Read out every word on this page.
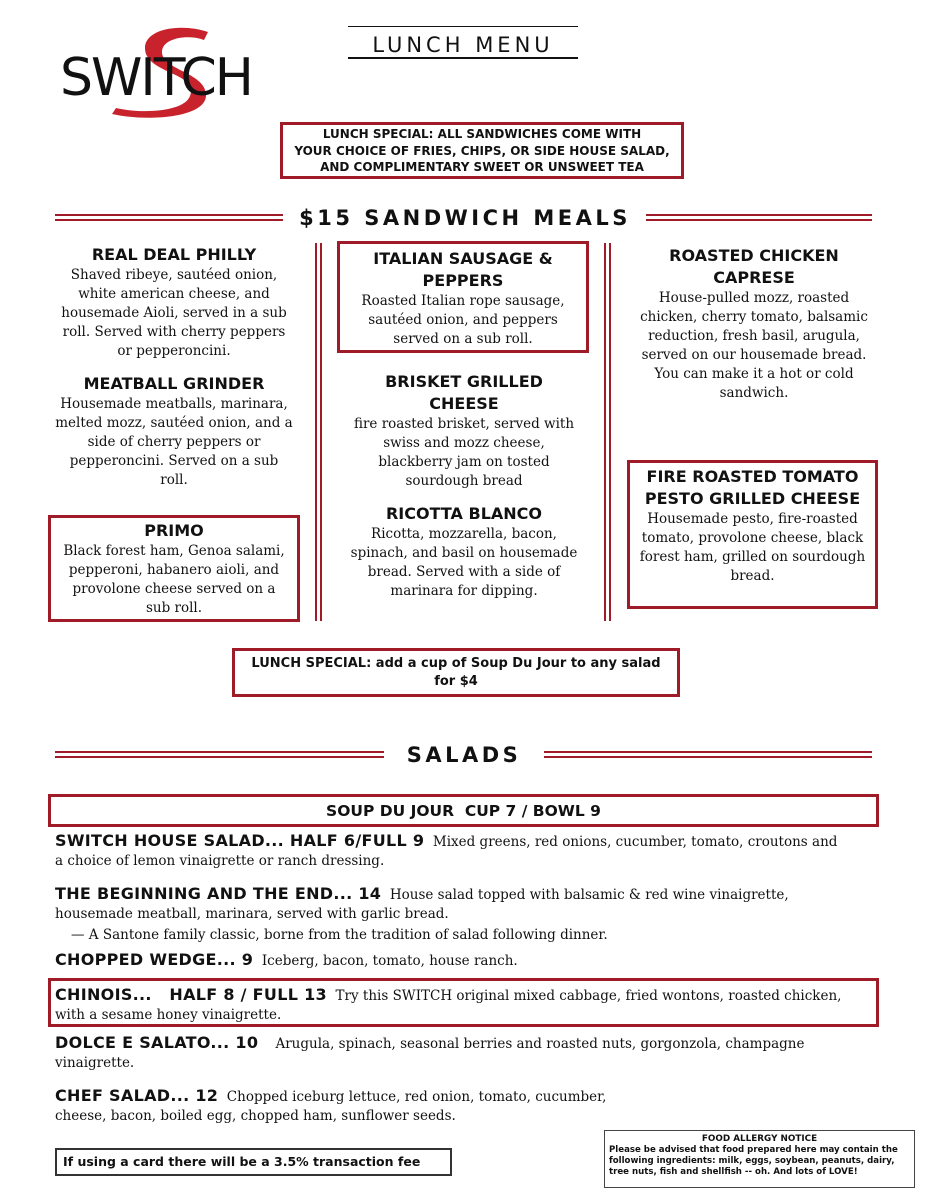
SWITCH
LUNCH MENU
LUNCH SPECIAL: ALL SANDWICHES COME WITH
YOUR CHOICE OF FRIES, CHIPS, OR SIDE HOUSE SALAD,
AND COMPLIMENTARY SWEET OR UNSWEET TEA
$15 SANDWICH MEALS
REAL DEAL PHILLY
Shaved ribeye, sautéed onion, white american cheese, and housemade Aioli, served in a sub roll. Served with cherry peppers or pepperoncini.
MEATBALL GRINDER
Housemade meatballs, marinara, melted mozz, sautéed onion, and a side of cherry peppers or pepperoncini. Served on a sub roll.
PRIMO
Black forest ham, Genoa salami, pepperoni, habanero aioli, and provolone cheese served on a sub roll.
ITALIAN SAUSAGE & PEPPERS
Roasted Italian rope sausage, sautéed onion, and peppers served on a sub roll.
BRISKET GRILLED CHEESE
fire roasted brisket, served with swiss and mozz cheese, blackberry jam on tosted sourdough bread
RICOTTA BLANCO
Ricotta, mozzarella, bacon, spinach, and basil on housemade bread. Served with a side of marinara for dipping.
ROASTED CHICKEN CAPRESE
House-pulled mozz, roasted chicken, cherry tomato, balsamic reduction, fresh basil, arugula, served on our housemade bread. You can make it a hot or cold sandwich.
FIRE ROASTED TOMATO PESTO GRILLED CHEESE
Housemade pesto, fire-roasted tomato, provolone cheese, black forest ham, grilled on sourdough bread.
LUNCH SPECIAL: add a cup of Soup Du Jour to any salad
for $4
SALADS
SOUP DU JOUR  CUP 7 / BOWL 9
SWITCH HOUSE SALAD... HALF 6/FULL 9 Mixed greens, red onions, cucumber, tomato, croutons and a choice of lemon vinaigrette or ranch dressing.
THE BEGINNING AND THE END... 14 House salad topped with balsamic & red wine vinaigrette, housemade meatball, marinara, served with garlic bread.
— A Santone family classic, borne from the tradition of salad following dinner.
CHOPPED WEDGE... 9 Iceberg, bacon, tomato, house ranch.
CHINOIS...   HALF 8 / FULL 13 Try this SWITCH original mixed cabbage, fried wontons, roasted chicken, with a sesame honey vinaigrette.
DOLCE E SALATO... 10 Arugula, spinach, seasonal berries and roasted nuts, gorgonzola, champagne vinaigrette.
CHEF SALAD... 12 Chopped iceburg lettuce, red onion, tomato, cucumber, cheese, bacon, boiled egg, chopped ham, sunflower seeds.
If using a card there will be a 3.5% transaction fee
FOOD ALLERGY NOTICE
Please be advised that food prepared here may contain the following ingredients: milk, eggs, soybean, peanuts, dairy, tree nuts, fish and shellfish -- oh. And lots of LOVE!
